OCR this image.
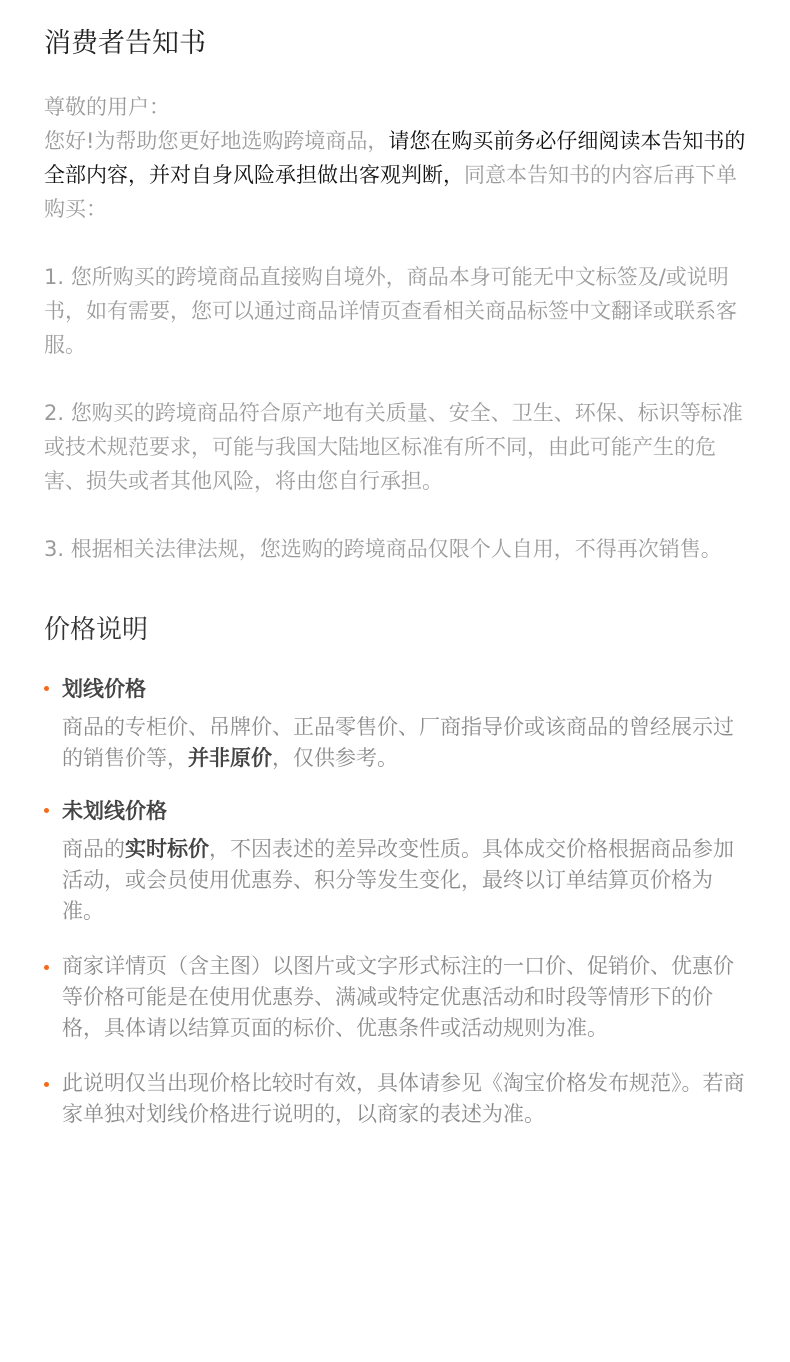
消费者告知书

尊敬的用户：

您好!为帮助您更好地选购跨境商品，请您在购买前务必仔细阅读本告知书的全部内容，并对自身风险承担做出客观判断，同意本告知书的内容后再下单购买：

1. 您所购买的跨境商品直接购自境外，商品本身可能无中文标签及/或说明书，如有需要，您可以通过商品详情页查看相关商品标签中文翻译或联系客服。

2. 您购买的跨境商品符合原产地有关质量、安全、卫生、环保、标识等标准或技术规范要求，可能与我国大陆地区标准有所不同，由此可能产生的危害、损失或者其他风险，将由您自行承担。

3. 根据相关法律法规，您选购的跨境商品仅限个人自用，不得再次销售。

价格说明

划线价格

商品的专柜价、吊牌价、正品零售价、厂商指导价或该商品的曾经展示过的销售价等，并非原价，仅供参考。

未划线价格

商品的实时标价，不因表述的差异改变性质。具体成交价格根据商品参加活动，或会员使用优惠券、积分等发生变化，最终以订单结算页价格为准。

商家详情页（含主图）以图片或文字形式标注的一口价、促销价、优惠价等价格可能是在使用优惠券、满减或特定优惠活动和时段等情形下的价格，具体请以结算页面的标价、优惠条件或活动规则为准。

此说明仅当出现价格比较时有效，具体请参见《淘宝价格发布规范》。若商家单独对划线价格进行说明的，以商家的表述为准。
